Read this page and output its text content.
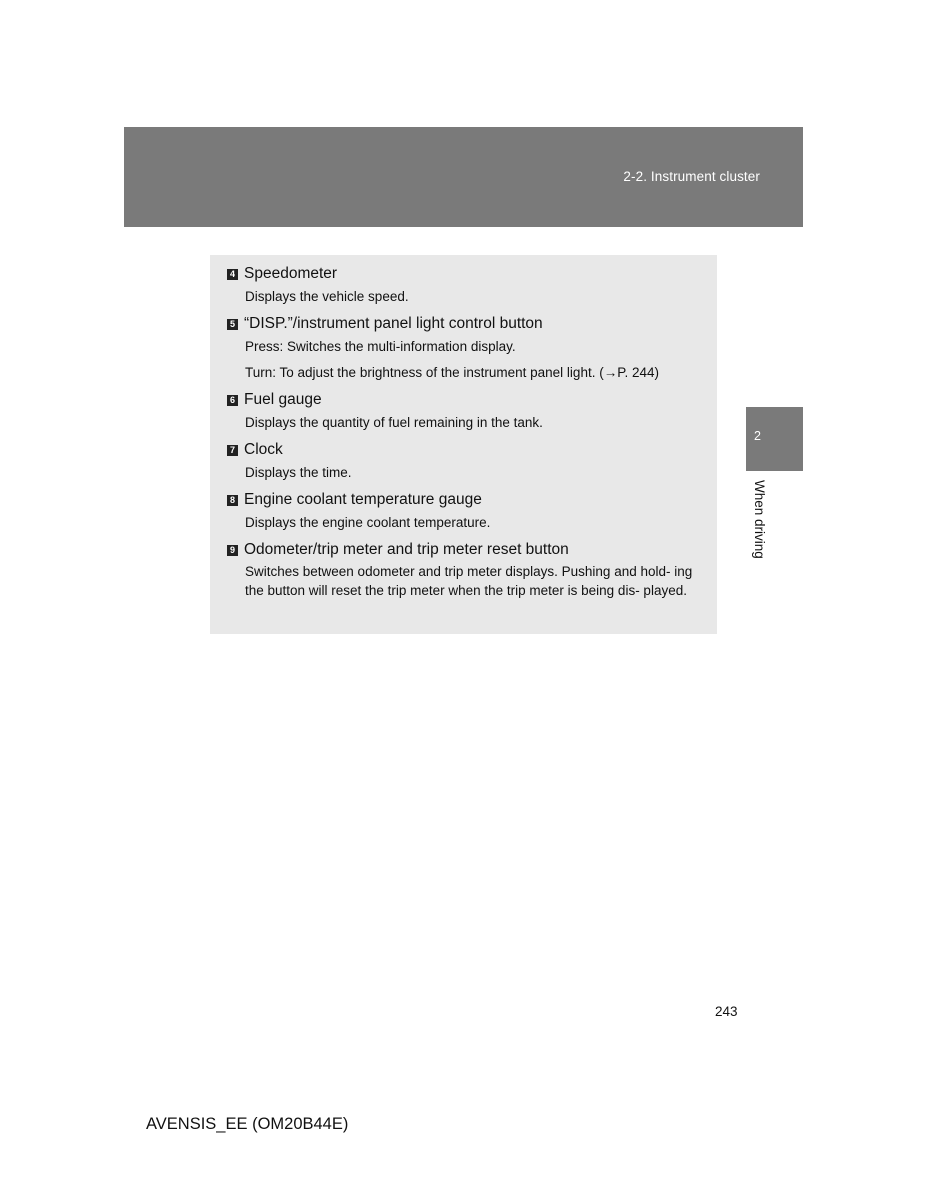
2-2. Instrument cluster
4 Speedometer
Displays the vehicle speed.
5 “DISP.”/instrument panel light control button
Press: Switches the multi-information display.
Turn: To adjust the brightness of the instrument panel light. (→P. 244)
6 Fuel gauge
Displays the quantity of fuel remaining in the tank.
7 Clock
Displays the time.
8 Engine coolant temperature gauge
Displays the engine coolant temperature.
9 Odometer/trip meter and trip meter reset button
Switches between odometer and trip meter displays. Pushing and hold- ing the button will reset the trip meter when the trip meter is being dis- played.
2
When driving
243
AVENSIS_EE (OM20B44E)
